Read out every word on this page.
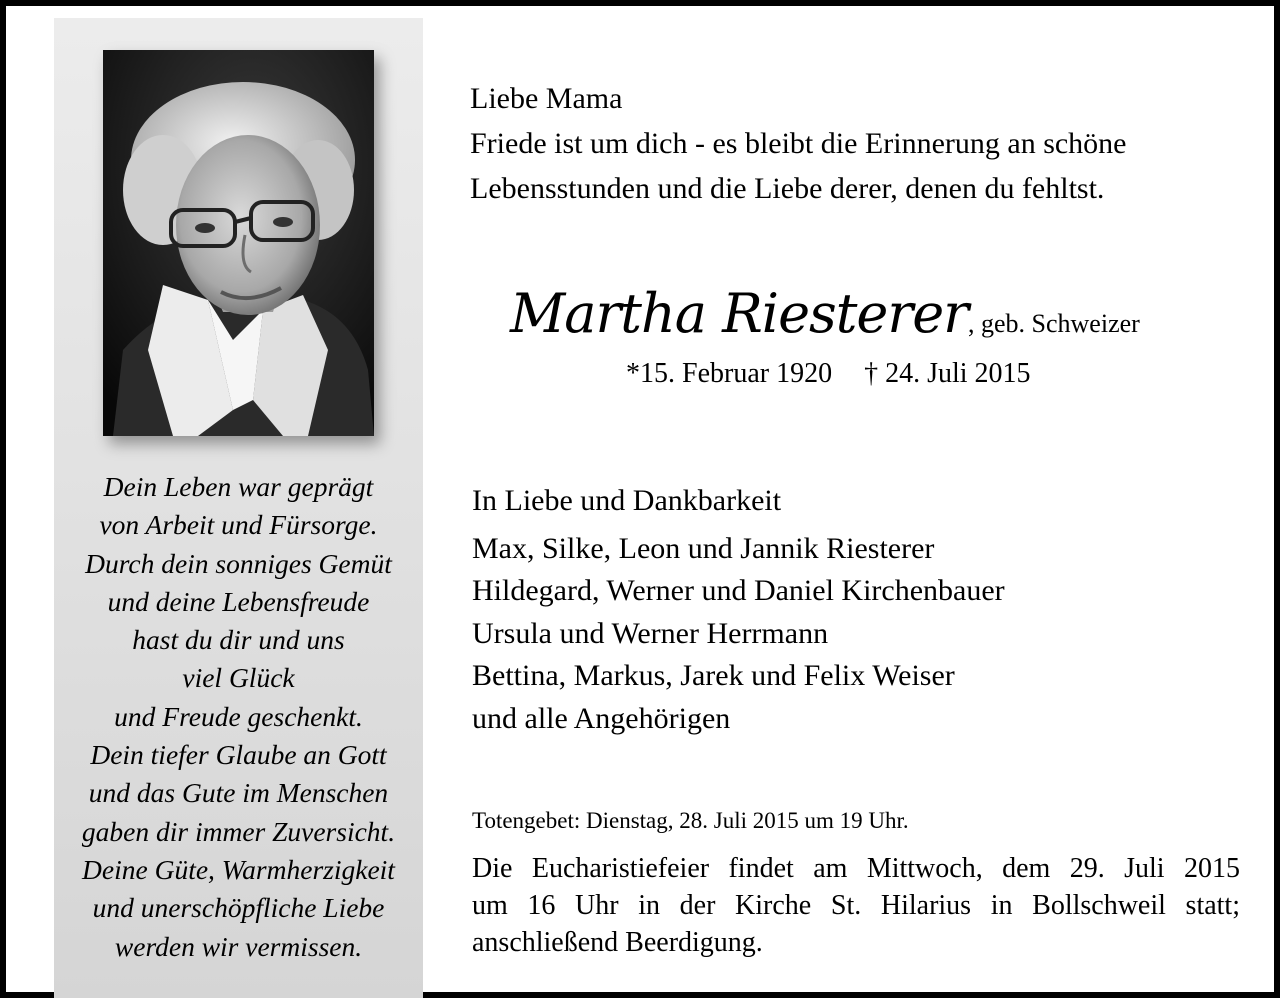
Dein Leben war geprägt
von Arbeit und Fürsorge.
Durch dein sonniges Gemüt
und deine Lebensfreude
hast du dir und uns
viel Glück
und Freude geschenkt.
Dein tiefer Glaube an Gott
und das Gute im Menschen
gaben dir immer Zuversicht.
Deine Güte, Warmherzigkeit
und unerschöpfliche Liebe
werden wir vermissen.
Liebe Mama
Friede ist um dich - es bleibt die Erinnerung an schöne
Lebensstunden und die Liebe derer, denen du fehltst.
Martha Riesterer, geb. Schweizer
*15. Februar 1920 † 24. Juli 2015
In Liebe und Dankbarkeit
Max, Silke, Leon und Jannik Riesterer
Hildegard, Werner und Daniel Kirchenbauer
Ursula und Werner Herrmann
Bettina, Markus, Jarek und Felix Weiser
und alle Angehörigen
Totengebet: Dienstag, 28. Juli 2015 um 19 Uhr.
Die Eucharistiefeier findet am Mittwoch, dem 29. Juli 2015
um 16 Uhr in der Kirche St. Hilarius in Bollschweil statt;
anschließend Beerdigung.
